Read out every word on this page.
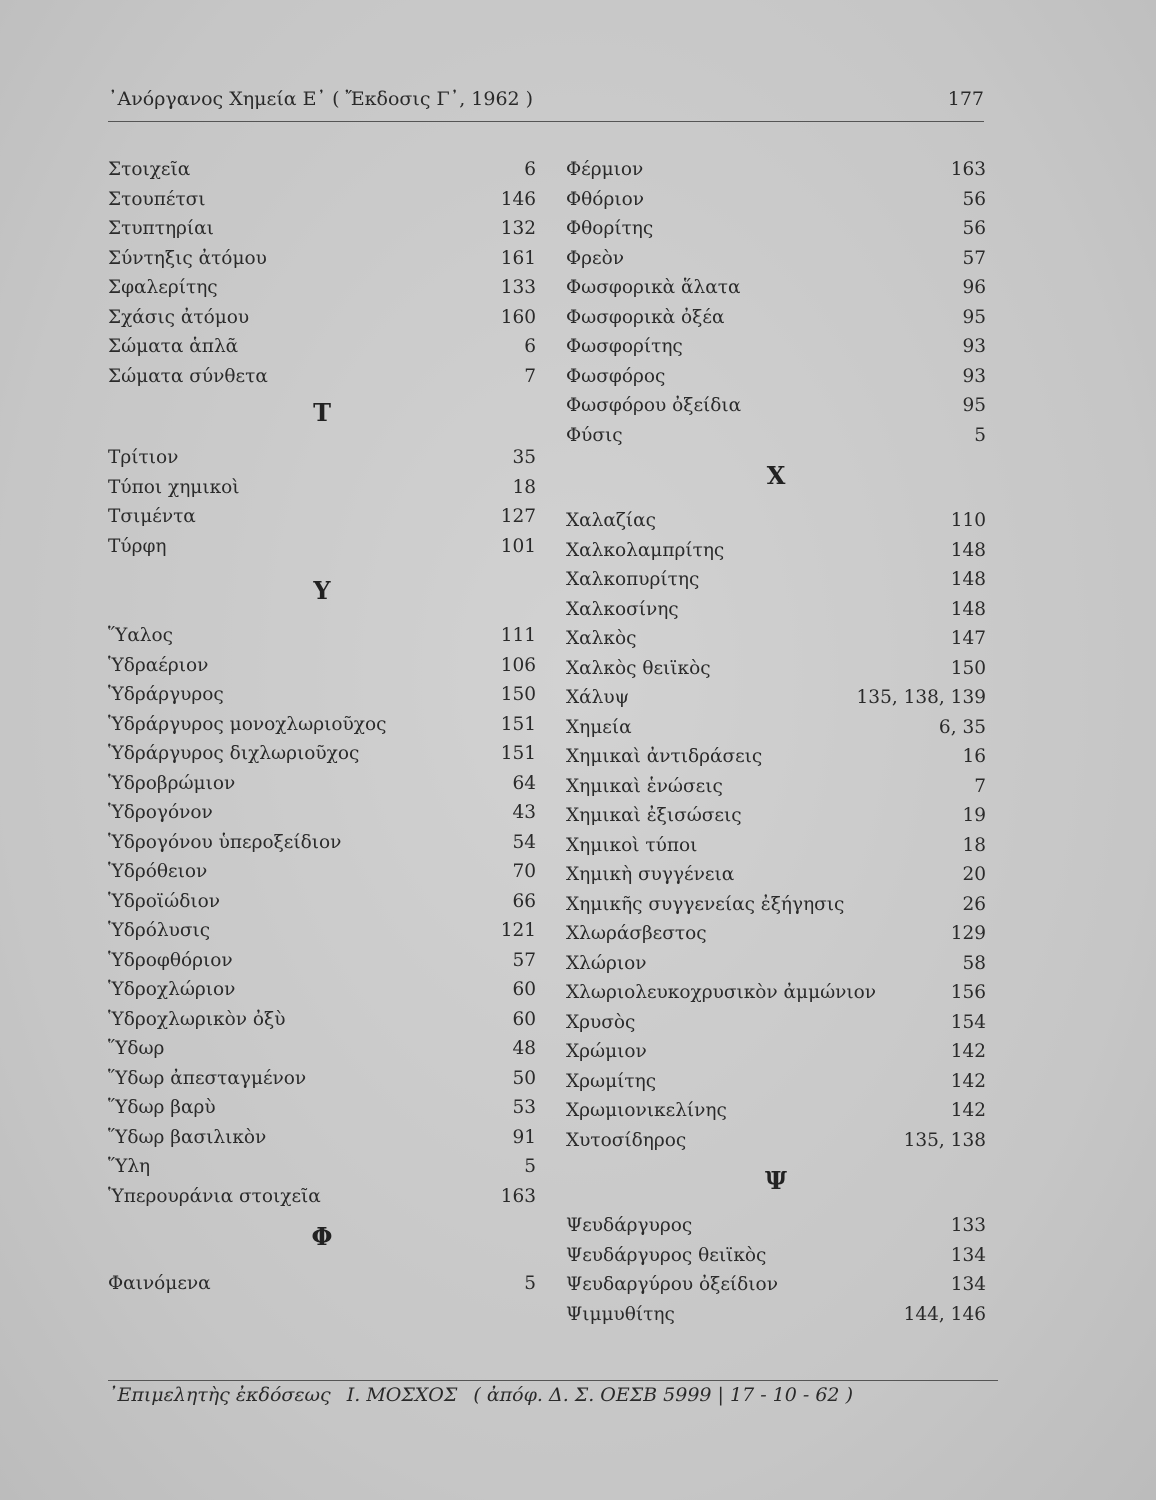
᾽Ανόργανος Χημεία Ε᾽ ( Ἔκδοσις Γ᾽, 1962 )	177
Στοιχεῖα	6
Στουπέτσι	146
Στυπτηρίαι	132
Σύντηξις ἀτόμου	161
Σφαλερίτης	133
Σχάσις ἀτόμου	160
Σώματα ἁπλᾶ	6
Σώματα σύνθετα	7
Τ
Τρίτιον	35
Τύποι χημικοὶ	18
Τσιμέντα	127
Τύρφη	101
Υ
Ὕαλος	111
Ὑδραέριον	106
Ὑδράργυρος	150
Ὑδράργυρος μονοχλωριοῦχος	151
Ὑδράργυρος διχλωριοῦχος	151
Ὑδροβρώμιον	64
Ὑδρογόνον	43
Ὑδρογόνου ὑπεροξείδιον	54
Ὑδρόθειον	70
Ὑδροϊώδιον	66
Ὑδρόλυσις	121
Ὑδροφθόριον	57
Ὑδροχλώριον	60
Ὑδροχλωρικὸν ὀξὺ	60
Ὕδωρ	48
Ὕδωρ ἀπεσταγμένον	50
Ὕδωρ βαρὺ	53
Ὕδωρ βασιλικὸν	91
Ὕλη	5
Ὑπερουράνια στοιχεῖα	163
Φ
Φαινόμενα	5
Φέρμιον	163
Φθόριον	56
Φθορίτης	56
Φρεὸν	57
Φωσφορικὰ ἅλατα	96
Φωσφορικὰ ὀξέα	95
Φωσφορίτης	93
Φωσφόρος	93
Φωσφόρου ὀξείδια	95
Φύσις	5
Χ
Χαλαζίας	110
Χαλκολαμπρίτης	148
Χαλκοπυρίτης	148
Χαλκοσίνης	148
Χαλκὸς	147
Χαλκὸς θειϊκὸς	150
Χάλυψ	135, 138, 139
Χημεία	6, 35
Χημικαὶ ἀντιδράσεις	16
Χημικαὶ ἑνώσεις	7
Χημικαὶ ἐξισώσεις	19
Χημικοὶ τύποι	18
Χημικὴ συγγένεια	20
Χημικῆς συγγενείας ἐξήγησις	26
Χλωράσβεστος	129
Χλώριον	58
Χλωριολευκοχρυσικὸν ἀμμώνιον	156
Χρυσὸς	154
Χρώμιον	142
Χρωμίτης	142
Χρωμιονικελίνης	142
Χυτοσίδηρος	135, 138
Ψ
Ψευδάργυρος	133
Ψευδάργυρος θειϊκὸς	134
Ψευδαργύρου ὀξείδιον	134
Ψιμμυθίτης	144, 146
᾽Επιμελητὴς ἐκδόσεως Ι. ΜΟΣΧΟΣ ( ἀπόφ. Δ. Σ. ΟΕΣΒ 5999 | 17 - 10 - 62 )
